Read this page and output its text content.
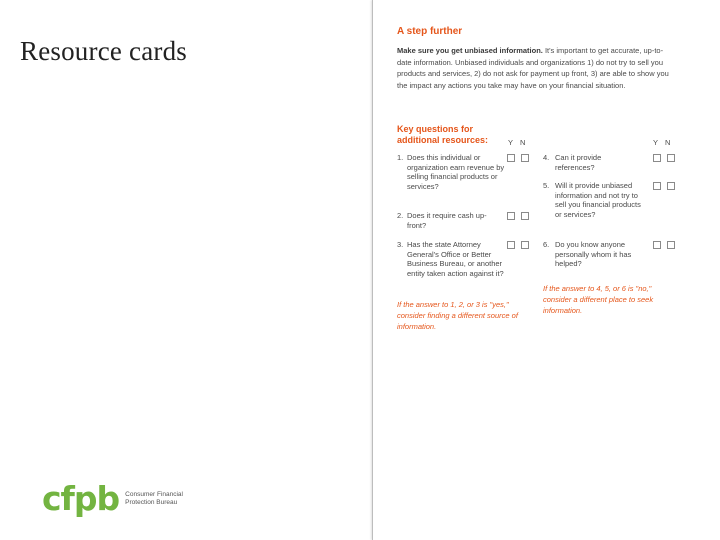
Resource cards
cfpb Consumer Financial Protection Bureau
A step further
Make sure you get unbiased information. It's important to get accurate, up-to-date information. Unbiased individuals and organizations 1) do not try to sell you products and services, 2) do not ask for payment up front, 3) are able to show you the impact any actions you take may have on your financial situation.
Key questions for additional resources:	Y N	Y N
1. Does this individual or organization earn revenue by selling financial products or services?
2. Does it require cash up-front?
3. Has the state Attorney General's Office or Better Business Bureau, or another entity taken action against it?
4. Can it provide references?
5. Will it provide unbiased information and not try to sell you financial products or services?
6. Do you know anyone personally whom it has helped?
If the answer to 1, 2, or 3 is "yes," consider finding a different source of information.
If the answer to 4, 5, or 6 is "no," consider a different place to seek information.
